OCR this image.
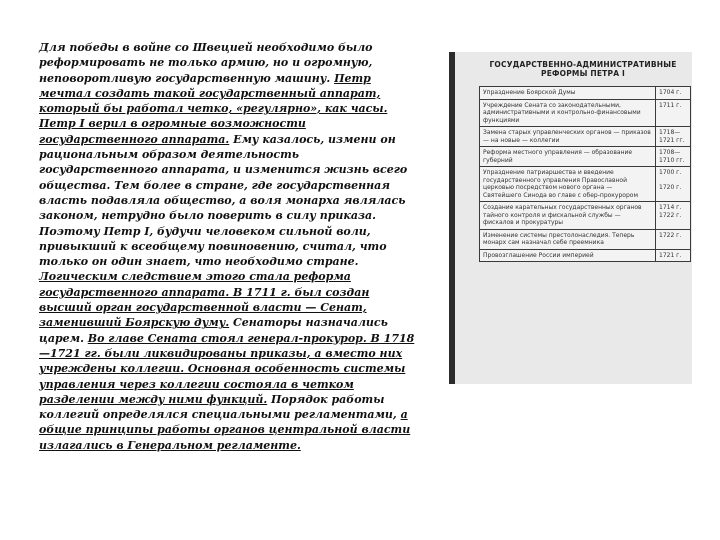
Для победы в войне со Швецией необходимо было реформировать не только армию, но и огромную, неповоротливую государственную машину. Петр мечтал создать такой государственный аппарат, который бы работал четко, «регулярно», как часы. Петр I верил в огромные возможности государственного аппарата. Ему казалось, измени он рациональным образом деятельность государственного аппарата, и изменится жизнь всего общества. Тем более в стране, где государственная власть подавляла общество, а воля монарха являлась законом, нетрудно было поверить в силу приказа. Поэтому Петр I, будучи человеком сильной воли, привыкший к всеобщему повиновению, считал, что только он один знает, что необходимо стране. Логическим следствием этого стала реформа государственного аппарата. В 1711 г. был создан высший орган государственной власти — Сенат, заменивший Боярскую думу. Сенаторы назначались царем. Во главе Сената стоял генерал-прокурор. В 1718—1721 гг. были ликвидированы приказы, а вместо них учреждены коллегии. Основная особенность системы управления через коллегии состояла в четком разделении между ними функций. Порядок работы коллегий определялся специальными регламентами, а общие принципы работы органов центральной власти излагались в Генеральном регламенте.
ГОСУДАРСТВЕННО-АДМИНИСТРАТИВНЫЕ РЕФОРМЫ ПЕТРА I
Упразднение Боярской Думы	1704 г.
Учреждение Сената со законодательными, административными и контрольно-финансовыми функциями	1711 г.
Замена старых управленческих органов — приказов — на новые — коллегии	1718—
1721 гг.
Реформа местного управления — образование губерний	1708—
1710 гг.
Упразднение патриаршества и введение государственного управления Православной церковью посредством нового органа — Святейшего Синода во главе с обер-прокурором	1700 г.

1720 г.
Создание карательных государственных органов тайного контроля и фискальной службы — фискалов и прокуратуры	1714 г.
1722 г.
Изменение системы престолонаследия. Теперь монарх сам назначал себе преемника	1722 г.
Провозглашение России империей	1721 г.
